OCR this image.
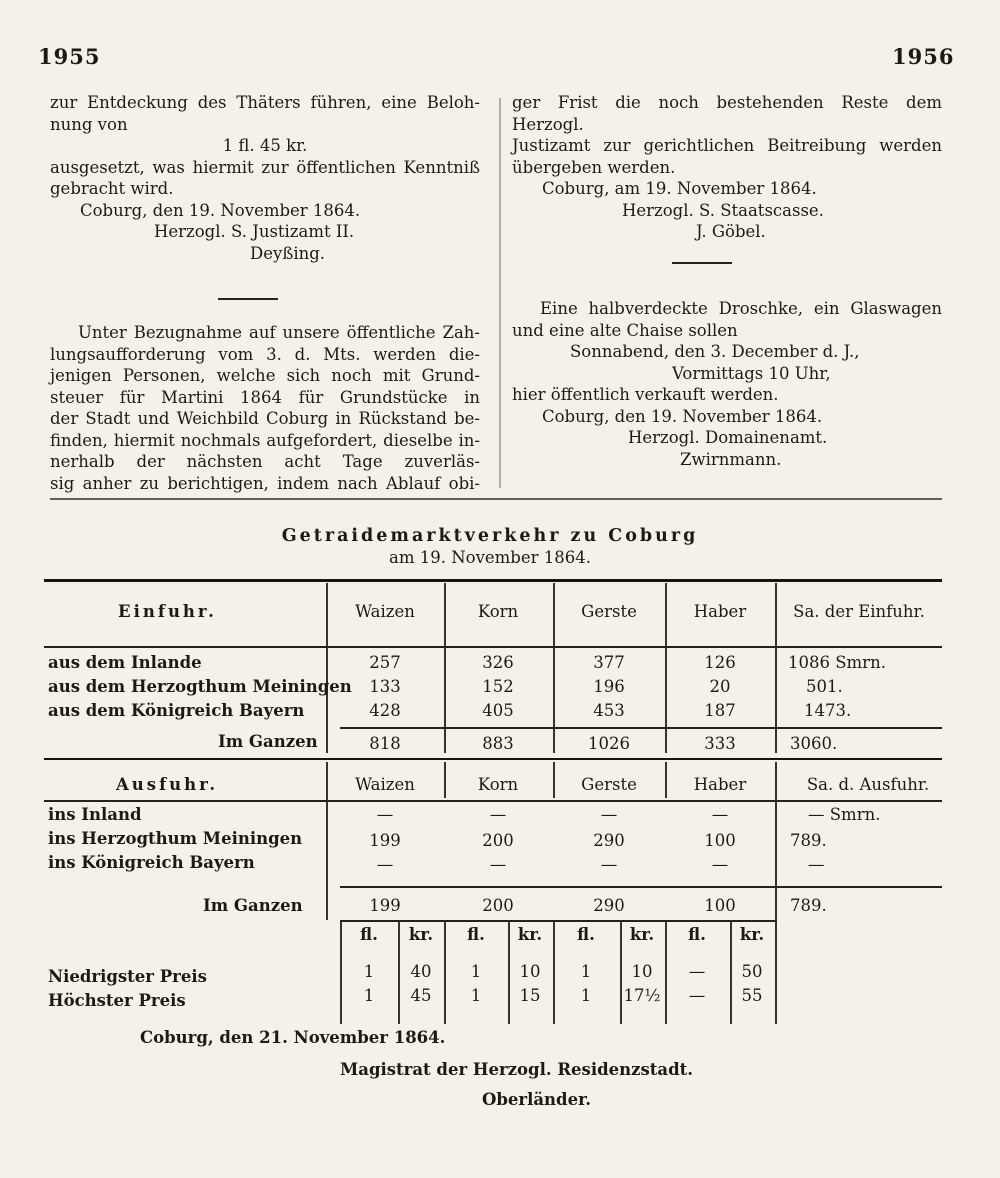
1955	1956

zur Entdeckung des Thäters führen, eine Beloh-

nung von

1 fl. 45 kr.

ausgesetzt, was hiermit zur öffentlichen Kenntniß

gebracht wird.

Coburg, den 19. November 1864.

Herzogl. S. Justizamt II.

Deyßing.

Unter Bezugnahme auf unsere öffentliche Zah-

lungsaufforderung vom 3. d. Mts. werden die-

jenigen Personen, welche sich noch mit Grund-

steuer für Martini 1864 für Grundstücke in

der Stadt und Weichbild Coburg in Rückstand be-

finden, hiermit nochmals aufgefordert, dieselbe in-

nerhalb der nächsten acht Tage zuverläs-

sig anher zu berichtigen, indem nach Ablauf obi-

ger Frist die noch bestehenden Reste dem Herzogl.

Justizamt zur gerichtlichen Beitreibung werden

übergeben werden.

Coburg, am 19. November 1864.

Herzogl. S. Staatscasse.

J. Göbel.

Eine halbverdeckte Droschke, ein Glaswagen

und eine alte Chaise sollen

Sonnabend, den 3. December d. J.,

Vormittags 10 Uhr,

hier öffentlich verkauft werden.

Coburg, den 19. November 1864.

Herzogl. Domainenamt.

Zwirnmann.

Getraidemarktverkehr zu Coburg
am 19. November 1864.
Einfuhr.	Waizen	Korn	Gerste	Haber	Sa. der Einfuhr.
aus dem Inlande	257	326	377	126	1086 Smrn.
aus dem Herzogthum Meiningen 133	152	196	20	501.
aus dem Königreich Bayern	428	405	453	187	1473.
Im Ganzen	818	883	1026	333	3060.
Ausfuhr.	Waizen	Korn	Gerste	Haber	Sa. d. Ausfuhr.
ins Inland	—	—	—	—	— Smrn.
ins Herzogthum Meiningen	199	200	290	100	789.
ins Königreich Bayern	—	—	—	—	—
Im Ganzen	199	200	290	100	789.
fl.	kr.	fl.	kr.	fl.	kr.	fl.	kr.
Niedrigster Preis	1	40	1	10	1	10	—	50
Höchster Preis	1	45	1	15	1	17½	—	55
Coburg, den 21. November 1864.
Magistrat der Herzogl. Residenzstadt.
Oberländer.
